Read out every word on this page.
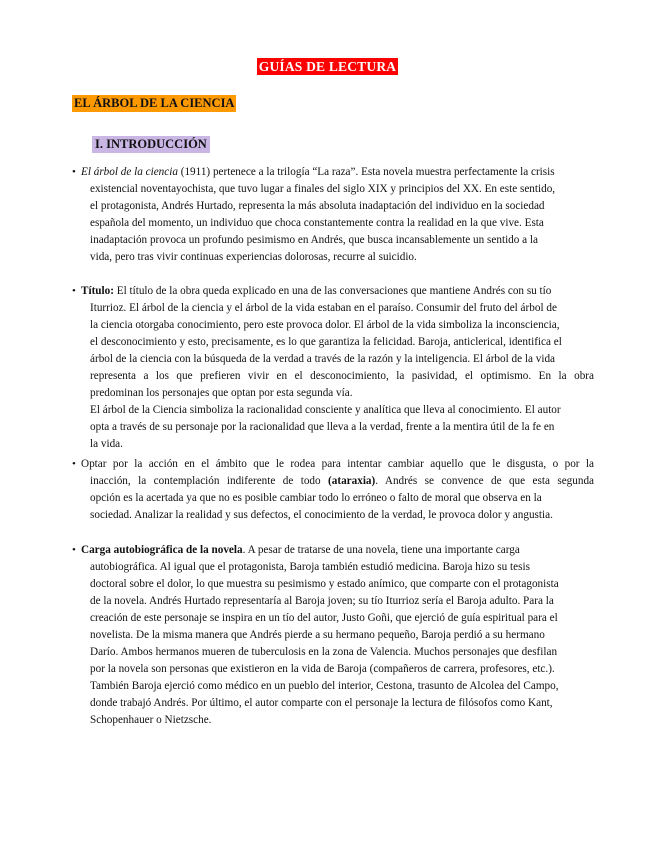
GUÍAS DE LECTURA
EL ÁRBOL DE LA CIENCIA
I. INTRODUCCIÓN
• El árbol de la ciencia (1911) pertenece a la trilogía “La raza”. Esta novela muestra perfectamente la crisis
existencial noventayochista, que tuvo lugar a finales del siglo XIX y principios del XX. En este sentido,
el protagonista, Andrés Hurtado, representa la más absoluta inadaptación del individuo en la sociedad
española del momento, un individuo que choca constantemente contra la realidad en la que vive. Esta
inadaptación provoca un profundo pesimismo en Andrés, que busca incansablemente un sentido a la
vida, pero tras vivir continuas experiencias dolorosas, recurre al suicidio.
• Título: El título de la obra queda explicado en una de las conversaciones que mantiene Andrés con su tío
Iturrioz. El árbol de la ciencia y el árbol de la vida estaban en el paraíso. Consumir del fruto del árbol de
la ciencia otorgaba conocimiento, pero este provoca dolor. El árbol de la vida simboliza la inconsciencia,
el desconocimiento y esto, precisamente, es lo que garantiza la felicidad. Baroja, anticlerical, identifica el
árbol de la ciencia con la búsqueda de la verdad a través de la razón y la inteligencia. El árbol de la vida
representa a los que prefieren vivir en el desconocimiento, la pasividad, el optimismo. En la obra
predominan los personajes que optan por esta segunda vía.
El árbol de la Ciencia simboliza la racionalidad consciente y analítica que lleva al conocimiento. El autor
opta a través de su personaje por la racionalidad que lleva a la verdad, frente a la mentira útil de la fe en
la vida.
• Optar por la acción en el ámbito que le rodea para intentar cambiar aquello que le disgusta, o por la
inacción, la contemplación indiferente de todo (ataraxia). Andrés se convence de que esta segunda
opción es la acertada ya que no es posible cambiar todo lo erróneo o falto de moral que observa en la
sociedad. Analizar la realidad y sus defectos, el conocimiento de la verdad, le provoca dolor y angustia.
• Carga autobiográfica de la novela. A pesar de tratarse de una novela, tiene una importante carga
autobiográfica. Al igual que el protagonista, Baroja también estudió medicina. Baroja hizo su tesis
doctoral sobre el dolor, lo que muestra su pesimismo y estado anímico, que comparte con el protagonista
de la novela. Andrés Hurtado representaría al Baroja joven; su tío Iturrioz sería el Baroja adulto. Para la
creación de este personaje se inspira en un tío del autor, Justo Goñi, que ejerció de guía espiritual para el
novelista. De la misma manera que Andrés pierde a su hermano pequeño, Baroja perdió a su hermano
Darío. Ambos hermanos mueren de tuberculosis en la zona de Valencia. Muchos personajes que desfilan
por la novela son personas que existieron en la vida de Baroja (compañeros de carrera, profesores, etc.).
También Baroja ejerció como médico en un pueblo del interior, Cestona, trasunto de Alcolea del Campo,
donde trabajó Andrés. Por último, el autor comparte con el personaje la lectura de filósofos como Kant,
Schopenhauer o Nietzsche.
